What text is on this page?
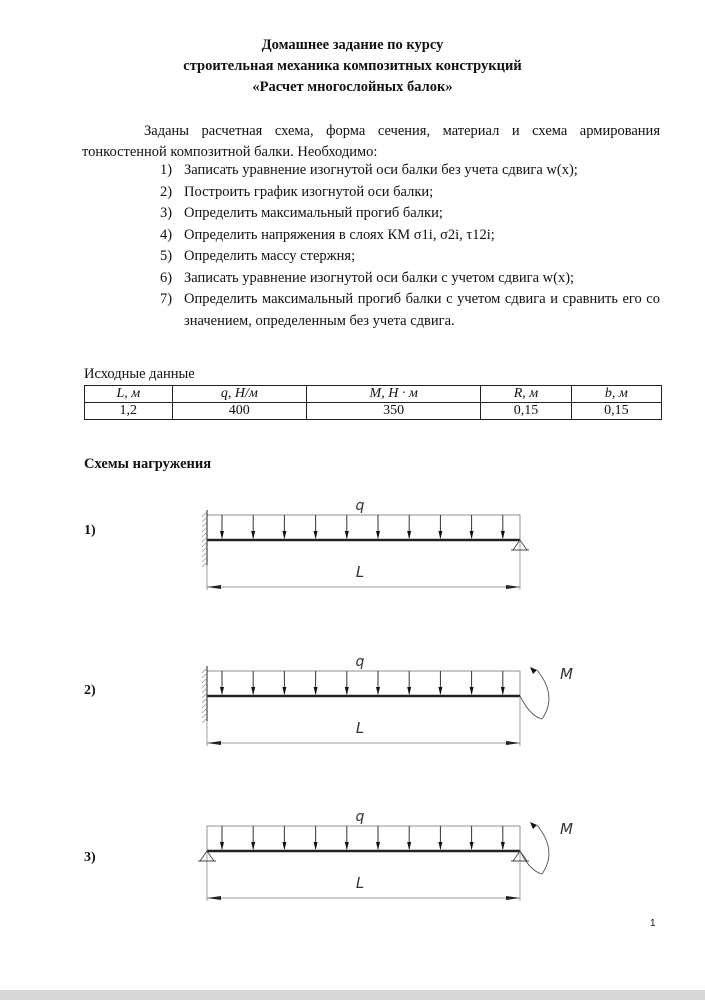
Домашнее задание по курсу
строительная механика композитных конструкций
«Расчет многослойных балок»
Заданы расчетная схема, форма сечения, материал и схема армирования тонкостенной композитной балки. Необходимо:
1) Записать уравнение изогнутой оси балки без учета сдвига w(x);
2) Построить график изогнутой оси балки;
3) Определить максимальный прогиб балки;
4) Определить напряжения в слоях КМ σ1i, σ2i, τ12i;
5) Определить массу стержня;
6) Записать уравнение изогнутой оси балки с учетом сдвига w(x);
7) Определить максимальный прогиб балки с учетом сдвига и сравнить его со значением, определенным без учета сдвига.
Исходные данные
L, м	q, Н/м	M, Н · м	R, м	b, м
1,2	400	350	0,15	0,15
Схемы нагружения
1)
2)
3)
q
L
q
L
M
q
L
M
1
